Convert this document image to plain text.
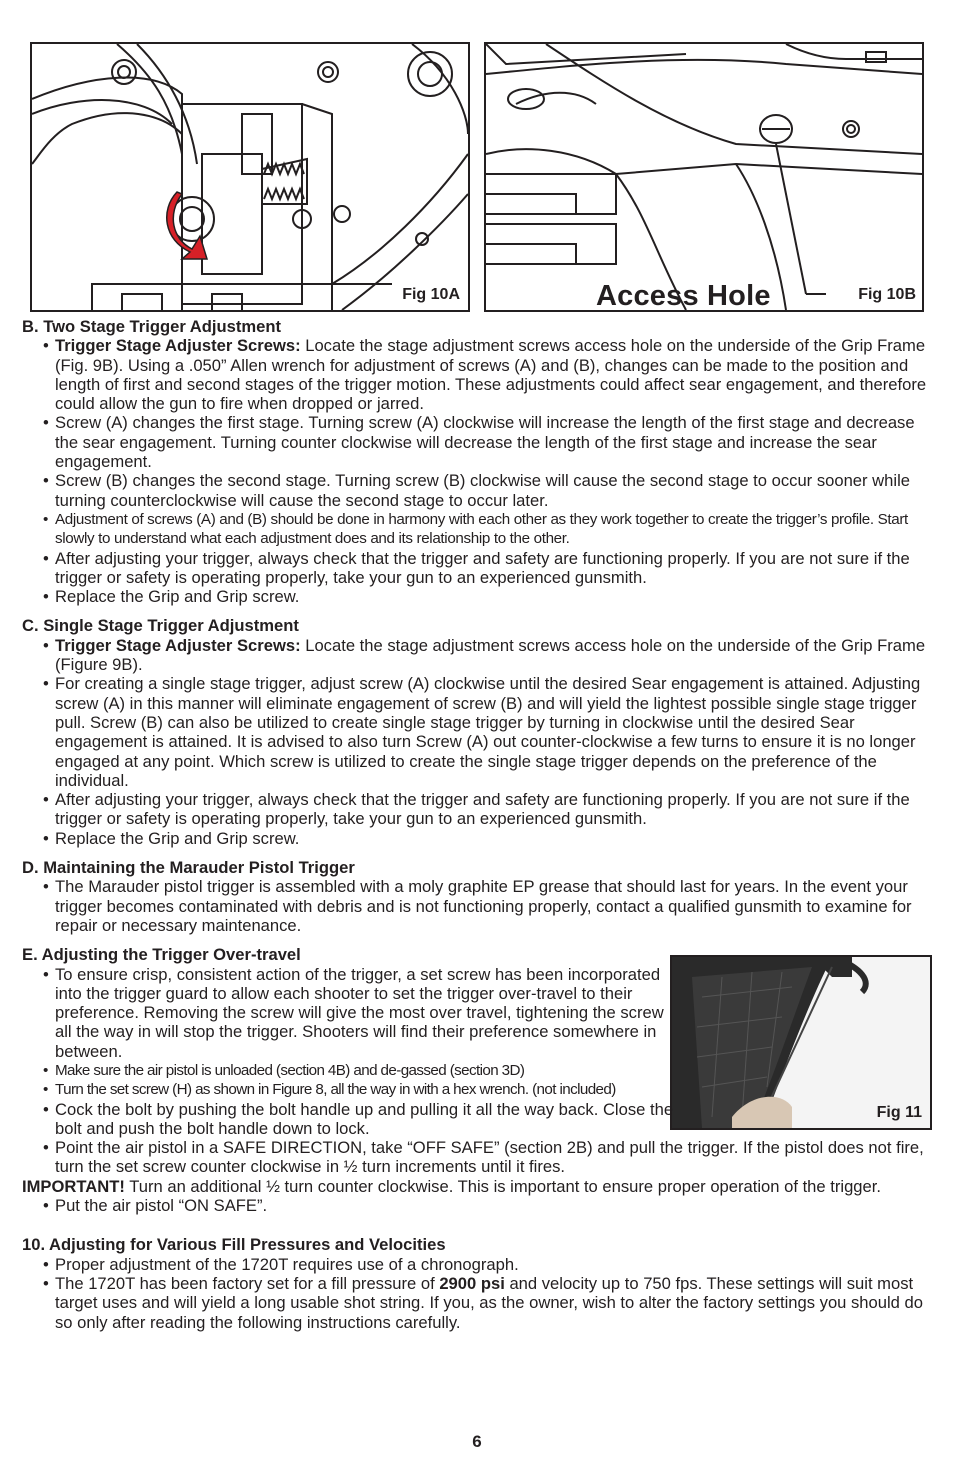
Fig 10A	Access Hole	Fig 10B
Fig 11
B. Two Stage Trigger Adjustment
• Trigger Stage Adjuster Screws: Locate the stage adjustment screws access hole on the underside of the Grip Frame (Fig. 9B). Using a .050” Allen wrench for adjustment of screws (A) and (B), changes can be made to the position and length of first and second stages of the trigger motion. These adjustments could affect sear engagement, and therefore could allow the gun to fire when dropped or jarred.
• Screw (A) changes the first stage. Turning screw (A) clockwise will increase the length of the first stage and decrease the sear engagement. Turning counter clockwise will decrease the length of the first stage and increase the sear engagement.
• Screw (B) changes the second stage. Turning screw (B) clockwise will cause the second stage to occur sooner while turning counterclockwise will cause the second stage to occur later.
• Adjustment of screws (A) and (B) should be done in harmony with each other as they work together to create the trigger’s profile. Start slowly to understand what each adjustment does and its relationship to the other.
• After adjusting your trigger, always check that the trigger and safety are functioning properly. If you are not sure if the trigger or safety is operating properly, take your gun to an experienced gunsmith.
• Replace the Grip and Grip screw.
C. Single Stage Trigger Adjustment
• Trigger Stage Adjuster Screws: Locate the stage adjustment screws access hole on the underside of the Grip Frame (Figure 9B).
• For creating a single stage trigger, adjust screw (A) clockwise until the desired Sear engagement is attained. Adjusting screw (A) in this manner will eliminate engagement of screw (B) and will yield the lightest possible single stage trigger pull. Screw (B) can also be utilized to create single stage trigger by turning in clockwise until the desired Sear engagement is attained. It is advised to also turn Screw (A) out counter-clockwise a few turns to ensure it is no longer engaged at any point. Which screw is utilized to create the single stage trigger depends on the preference of the individual.
• After adjusting your trigger, always check that the trigger and safety are functioning properly. If you are not sure if the trigger or safety is operating properly, take your gun to an experienced gunsmith.
• Replace the Grip and Grip screw.
D. Maintaining the Marauder Pistol Trigger
• The Marauder pistol trigger is assembled with a moly graphite EP grease that should last for years. In the event your trigger becomes contaminated with debris and is not functioning properly, contact a qualified gunsmith to examine for repair or necessary maintenance.
E. Adjusting the Trigger Over-travel
• To ensure crisp, consistent action of the trigger, a set screw has been incorporated into the trigger guard to allow each shooter to set the trigger over-travel to their preference. Removing the screw will give the most over travel, tightening the screw all the way in will stop the trigger. Shooters will find their preference somewhere in between.
• Make sure the air pistol is unloaded (section 4B) and de-gassed (section 3D)
• Turn the set screw (H) as shown in Figure 8, all the way in with a hex wrench. (not included)
• Cock the bolt by pushing the bolt handle up and pulling it all the way back. Close the bolt and push the bolt handle down to lock.
• Point the air pistol in a SAFE DIRECTION, take “OFF SAFE” (section 2B) and pull the trigger. If the pistol does not fire, turn the set screw counter clockwise in ½ turn increments until it fires.

IMPORTANT! Turn an additional ½ turn counter clockwise. This is important to ensure proper operation of the trigger.

• Put the air pistol “ON SAFE”.
10. Adjusting for Various Fill Pressures and Velocities
• Proper adjustment of the 1720T requires use of a chronograph.
• The 1720T has been factory set for a fill pressure of 2900 psi and velocity up to 750 fps. These settings will suit most target uses and will yield a long usable shot string. If you, as the owner, wish to alter the factory settings you should do so only after reading the following instructions carefully.
6
